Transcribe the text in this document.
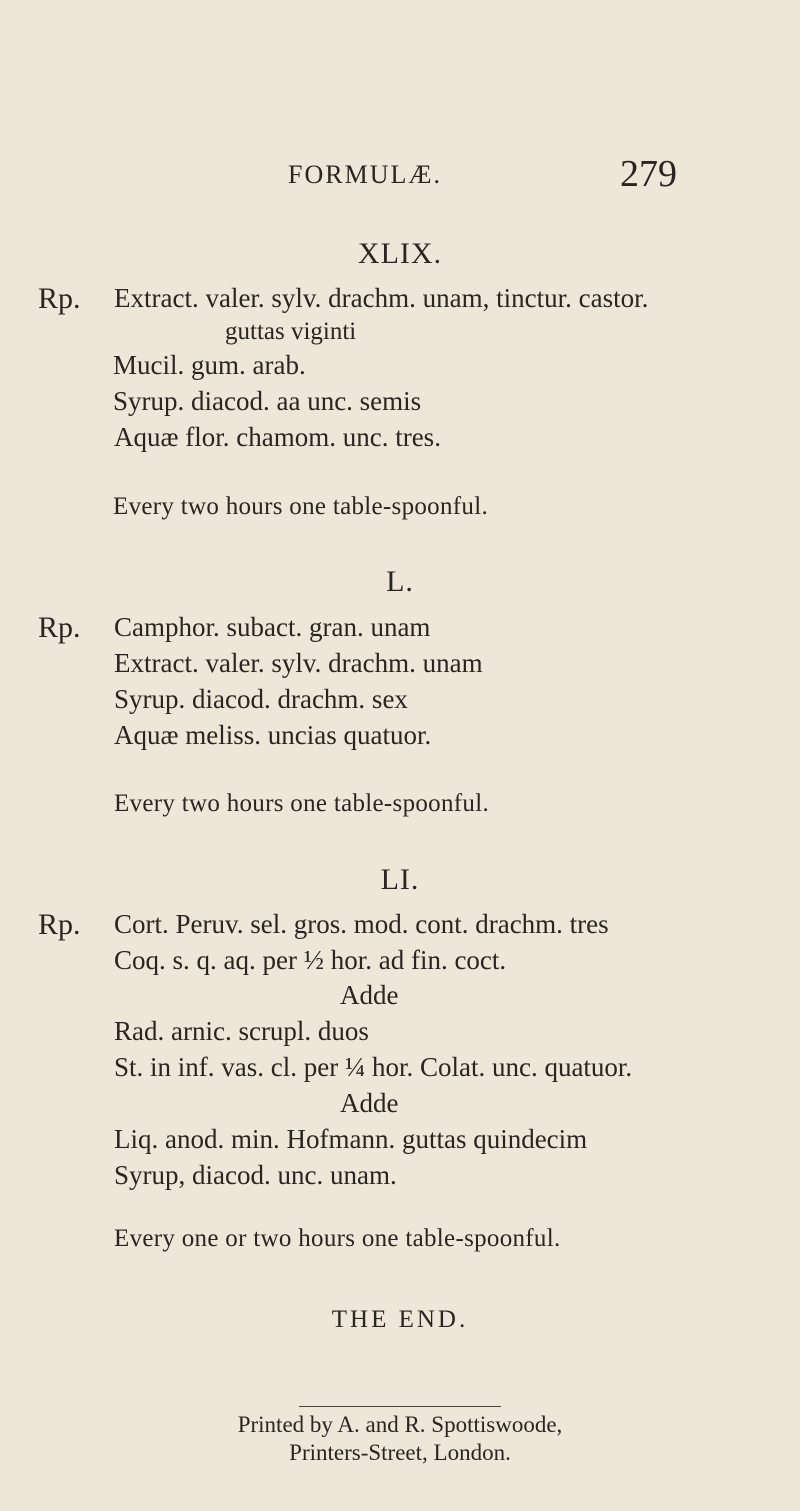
FORMULÆ.	279
XLIX.
Rp. Extract. valer. sylv. drachm. unam, tinctur. castor.
guttas viginti
Mucil. gum. arab.
Syrup. diacod. aa unc. semis
Aquæ flor. chamom. unc. tres.
Every two hours one table-spoonful.
L.
Rp. Camphor. subact. gran. unam
Extract. valer. sylv. drachm. unam
Syrup. diacod. drachm. sex
Aquæ meliss. uncias quatuor.
Every two hours one table-spoonful.
LI.
Rp. Cort. Peruv. sel. gros. mod. cont. drachm. tres
Coq. s. q. aq. per ½ hor. ad fin. coct.
Adde
Rad. arnic. scrupl. duos
St. in inf. vas. cl. per ¼ hor. Colat. unc. quatuor.
Adde
Liq. anod. min. Hofmann. guttas quindecim
Syrup, diacod. unc. unam.
Every one or two hours one table-spoonful.
THE END.
Printed by A. and R. Spottiswoode,
Printers-Street, London.
